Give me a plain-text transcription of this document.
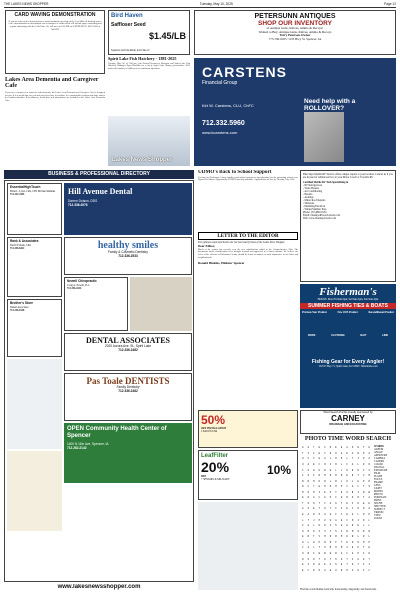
THE LAKES NEWS SHOPPER	Tuesday, May 10, 2025	Page 12
CARD WAVING DEMONSTRATION
If you are interested in learning how to make handmade greeting cards, Let's Make & Inviting you to a free demonstration to demonstrate two techniques of cards which will include paper embossing and regular embossing with the Gelli Plate. We will meet at 6:30 PM on WEDNESDAY, MAY 2025 at 1:00 PM.
Lakes Area Dementia and Caregiver Cafe
If you are a caregiver for someone with dementia, the Lakes Area Dementia and Caregiver Cafe is designed for you. It is a social time for you and your loved one to socialize in a comfortable location and share stories in a similar situation. Refreshments, social time and information are included in the Lakes Area Dementia Cafe.
Bird Haven
Saffloser Seed
$1.45/LB
Squirrels and blackbirds don't like it!
Spirit Lake Fish Hatchery - 1881-2025
Tuesday, May 20, at 7:00 pm, join Natural Resources Biologist and Spirit Lake Fish Hatchery Manager Ryan Hawkins for a lively Spirit Lake history presentation. 2025 marks the hatchery's 144th year of continuous operation.
Lakes News Shopper
PETERSUNN ANTIQUES
SHOP OUR INVENTORY
of Antique Guns, Knives, Ammo & Decoys!
Wanted to Buy: Antique Guns, Knives, Ammo & Decoys
Terry Peterson-Owner
775-790-0455 • #35 Hwy St. Spencer, IA
CARSTENS
Financial Group
Kirt W. Carstens, CLU, ChFC
712.332.5960
www.kcarstens.com
Need help with a ROLLOVER?
BUSINESS & PROFESSIONAL DIRECTORY
EssentialHighTouch
Brian L. Lyles, CPA, CFP, Michael Ruhnke
712.332.2445	Hill Avenue Dental
Darren Dotson, DDS
712.336.4976
Rank & Associates
David P. Rusk, CPA
712.336.6422	healthy smiles
Family & Cosmetic Dentistry
712.336.2533
Newell Chiropractic
Craig A. Newell, D.C.
712.336.4414
Brother's Store
Dental Associates
712.336.1818
DENTAL ASSOCIATES
2020 Aurora Ave. St., Spirit Lake
712.336.2482
Pas Toale DENTISTS
Family Dentistry
712.336.2482
OPEN Community Health Center of Spencer
1400 N 11th Ave, Spencer, IA
712.262.2142
www.lakesnewsshopper.com
UDMO's Back to School Support
It's time for Dickinson County families and school systems to start planning for the upcoming school year. Upper Des Moines Opportunity (UDMO) has help available. Applications are due by Tuesday, July 15th.
LETTER TO THE EDITOR
The opinions expressed herein are not necessarily those of the Lakes News Shopper.
Dear Editor,
Much of the county has recently seen the new subdivisions added to the Comprehensive Plan. The documents under consideration were brought forward and approved in a timely manner. We believe the voice of the citizens of Dickinson County should be heard on matters of such importance to our lakes and neighborhoods.
Ronald Hinkins, Hinkins' Spencer
Blue Skye Mobile RV Service offers camper repairs at your location. Contact us if you are in need of reliable service on your Motor Coach or Towable RV.
Certified Mobile RV Tech Specializing in
- RV Refrigerators
- Water Heaters
- Air Conditioning
- Heaters
- Awnings
- Minor Roof Repairs
- Slideouts
- Plumbing/Electrical
- Winter/Summer Prep
Phone: (515)890-9134
Email: blueskyeRVservicetech.com
Web: www.blueskyervtech.com
Fisherman's
HOURS: Mon-Fri 8am-5pm, Sat 8am-5pm, Sun 9am-3pm
SUMMER FISHING TIES & BOATS
Previous Year Product	New 2025 Product	Reconditioned Product
RODS	CLOTHING	BAIT	LINE
Fishing Gear for Every Angler!
1525 E Hwy 71, Spirit Lake, IA 51360 • fishermans.com
50%
OFF INSTALLATION
1.844.976.3194
LeafFilter
20%
OFF	10%
+ SENIORS & MILITARY
Word Search Puzzle proudly sponsored by
CARNEY
DRAINAGE AND EXCAVATING
PHOTO TIME WORD SEARCH
A	G	T	E	I	D	E	E	A	S	E	T	H
T	I	I	E	C	D	O	A	E	A	N	O	A
U	F	C	E	G	L	O	P	L	T	J	P	Z
U	A	E	C	O	I	O	L	F	A	L	D	O
I	S	H	U	R	E	L	L	U	R	D	I	X
F	S	F	N	M	O	R	N	E	R	T	V	M
N	R	M	D	R	L	R	L	U	L	H	P	R
R	F	T	E	O	O	M	P	C	A	L	T	S
M	O	M	I	E	P	T	E	U	B	I	W	B
E	R	A	C	G	P	I	H	R	S	O	T	A
T	S	S	T	I	A	G	T	E	I	D	E	E
A	S	E	T	H	T	I	I	E	C	D	O	A
E	A	N	O	A	U	F	C	E	G	L	O	P
L	T	J	P	Z	U	A	E	C	O	I	O	L
F	A	L	D	O	I	S	H	U	R	E	L	L
U	R	D	I	X	F	S	F	N	M	O	R	N
E	R	T	V	M	N	R	M	D	R	L	R	L
U	L	H	P	R	R	F	T	E	O	O	M	P
C	A	L	T	S	M	O	M	I	E	P	T	E
U	B	I	W	B	E	R	A	C	G	P	I	H
R	S	O	T	A	T	S	S	T	I	A	G	T
E	I	D	E	E	A	S	E	T	H	T	I	I
E	C	D	O	A	E	A	N	O	A	U	F	C
WORDS
ALBUM
ANGLE
APERTURE
CAMERA
CANDID
COLOR
DIGITAL
EXPOSURE
FILM
FLASH
FOCUS
FRAME
LENS
LIGHT
MODEL
PHOTO
PORTRAIT
PRINT
SELFIE
SHUTTER
SUBJECT
TRIPOD
VIEW
ZOOM
Find the words hidden vertically, horizontally, diagonally, and backwards.
